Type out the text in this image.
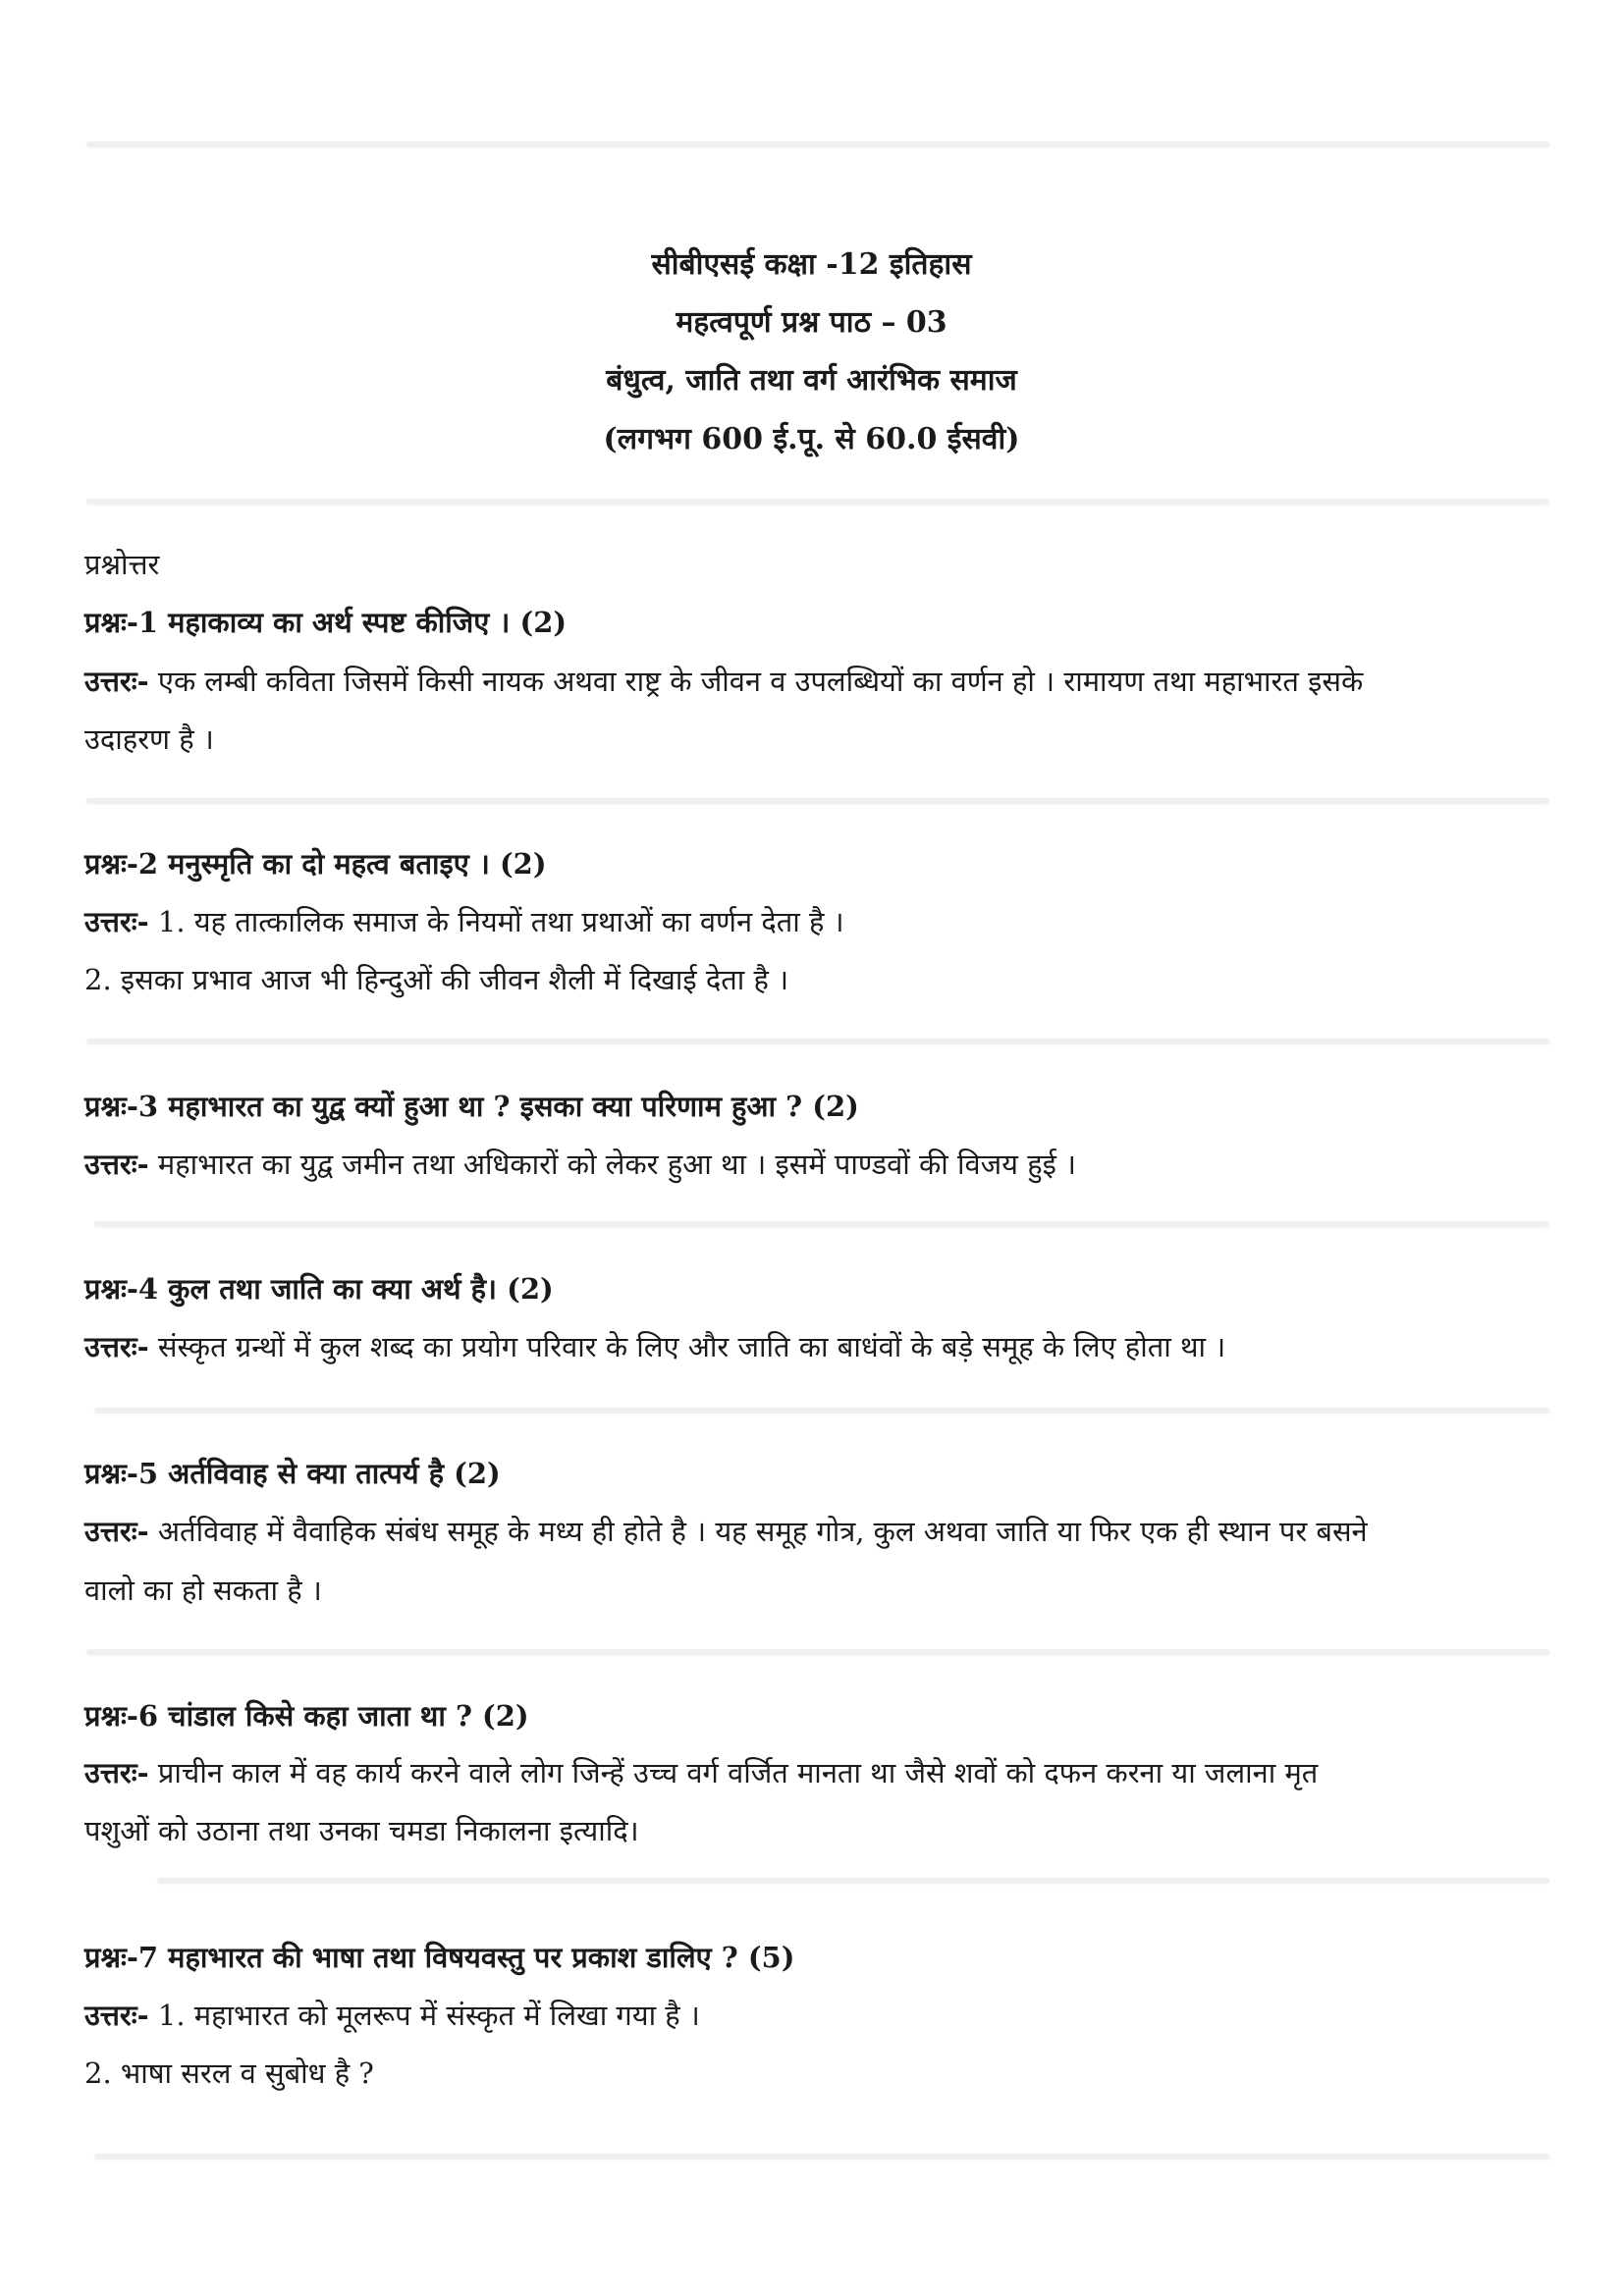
सीबीएसई कक्षा -12 इतिहास
महत्वपूर्ण प्रश्न पाठ – 03
बंधुत्व, जाति तथा वर्ग आरंभिक समाज
(लगभग 600 ई.पू. से 60.0 ईसवी)
प्रश्नोत्तर
प्रश्नः-1 महाकाव्य का अर्थ स्पष्ट कीजिए । (2)
उत्तरः- एक लम्बी कविता जिसमें किसी नायक अथवा राष्ट्र के जीवन व उपलब्धियों का वर्णन हो । रामायण तथा महाभारत इसके
उदाहरण है ।
प्रश्नः-2 मनुस्मृति का दो महत्व बताइए । (2)
उत्तरः- 1. यह तात्कालिक समाज के नियमों तथा प्रथाओं का वर्णन देता है ।
2. इसका प्रभाव आज भी हिन्दुओं की जीवन शैली में दिखाई देता है ।
प्रश्नः-3 महाभारत का युद्व क्यों हुआ था ? इसका क्या परिणाम हुआ ? (2)
उत्तरः- महाभारत का युद्व जमीन तथा अधिकारों को लेकर हुआ था । इसमें पाण्डवों की विजय हुई ।
प्रश्नः-4 कुल तथा जाति का क्या अर्थ है। (2)
उत्तरः- संस्कृत ग्रन्थों में कुल शब्द का प्रयोग परिवार के लिए और जाति का बाधंवों के बड़े समूह के लिए होता था ।
प्रश्नः-5 अर्तविवाह से क्या तात्पर्य है (2)
उत्तरः- अर्तविवाह में वैवाहिक संबंध समूह के मध्य ही होते है । यह समूह गोत्र, कुल अथवा जाति या फिर एक ही स्थान पर बसने
वालो का हो सकता है ।
प्रश्नः-6 चांडाल किसे कहा जाता था ? (2)
उत्तरः- प्राचीन काल में वह कार्य करने वाले लोग जिन्हें उच्च वर्ग वर्जित मानता था जैसे शवों को दफन करना या जलाना मृत
पशुओं को उठाना तथा उनका चमडा निकालना इत्यादि।
प्रश्नः-7 महाभारत की भाषा तथा विषयवस्तु पर प्रकाश डालिए ? (5)
उत्तरः- 1. महाभारत को मूलरूप में संस्कृत में लिखा गया है ।
2. भाषा सरल व सुबोध है ?
